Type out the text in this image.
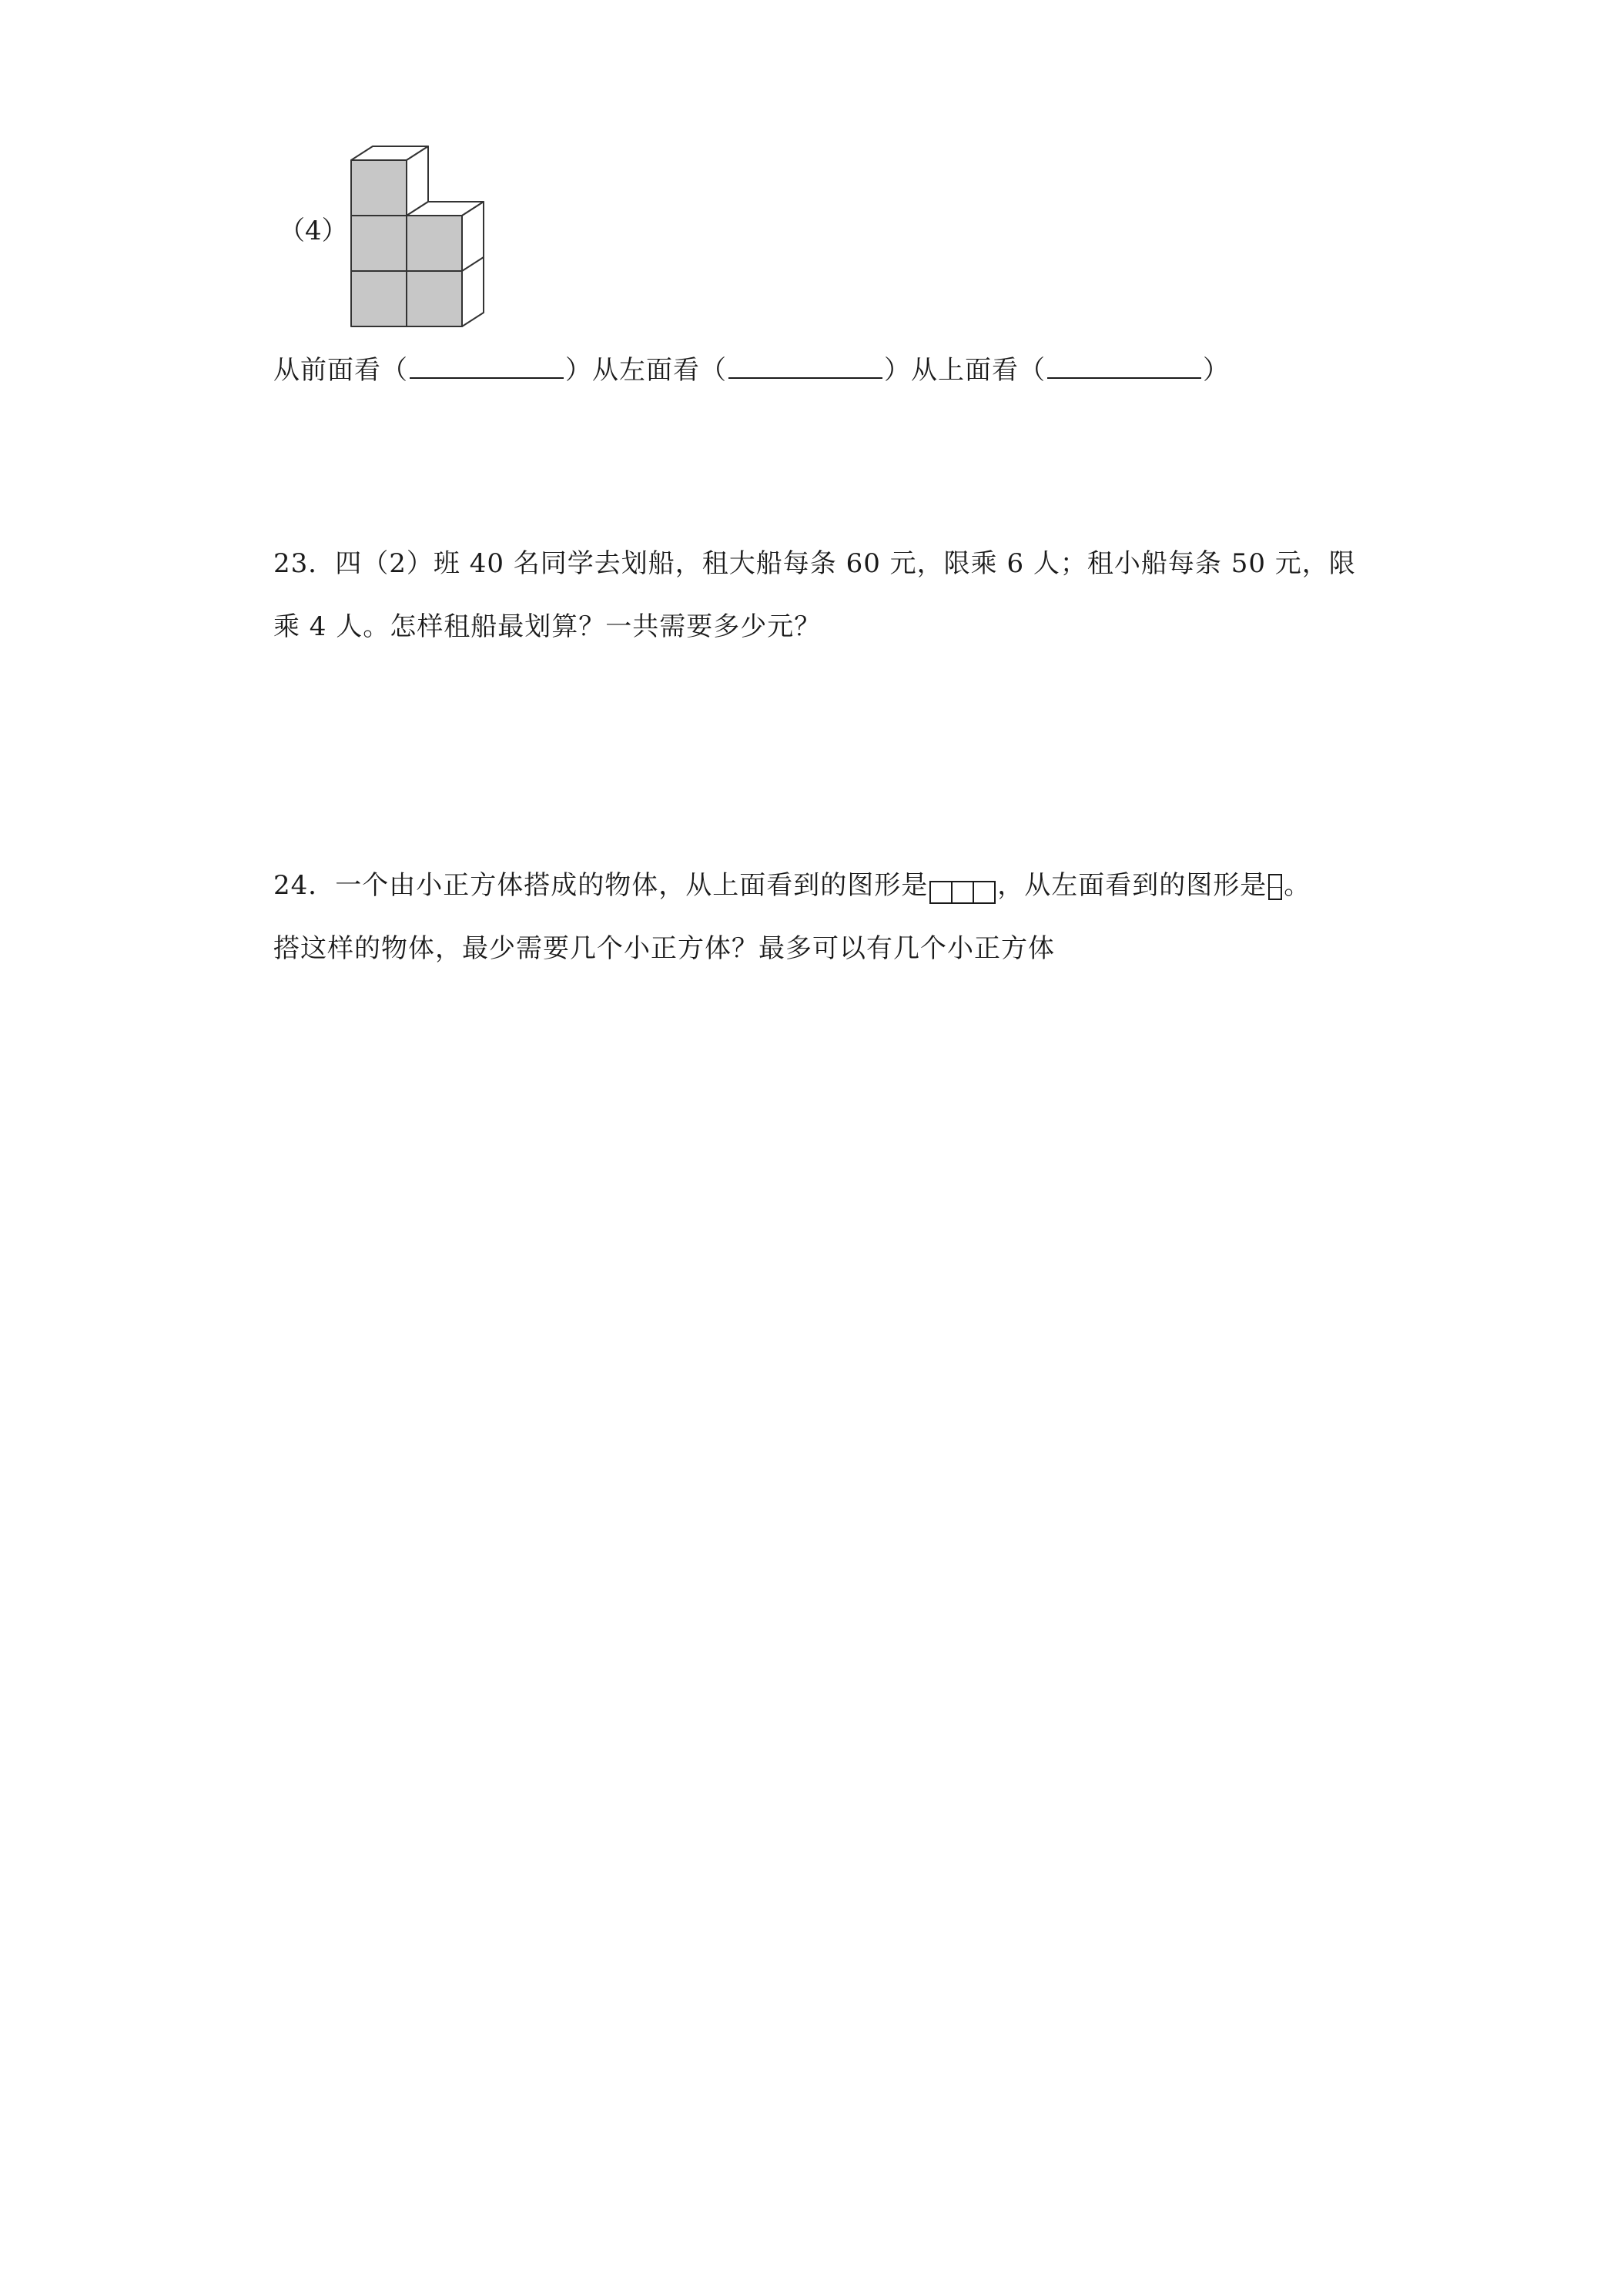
（4）
从前面看（	）从左面看（	）从上面看（	）
23．四（2）班 40 名同学去划船，租大船每条 60 元，限乘 6 人；租小船每条 50 元，限
乘 4 人。怎样租船最划算？一共需要多少元？
24．一个由小正方体搭成的物体，从上面看到的图形是	，从左面看到的图形是 。
搭这样的物体，最少需要几个小正方体？最多可以有几个小正方体
